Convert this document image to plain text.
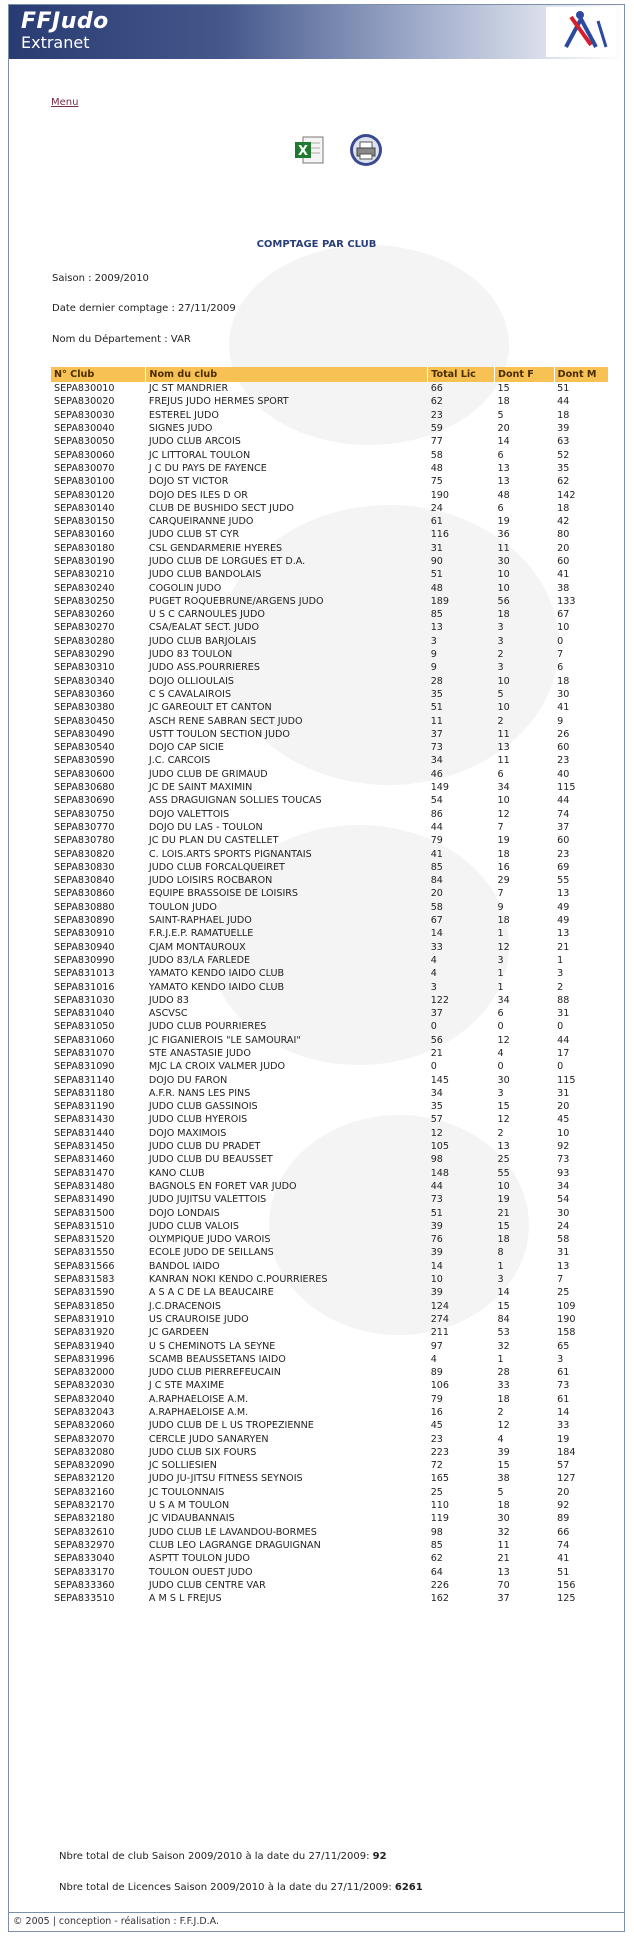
FFJudo
Extranet
Menu
X
COMPTAGE PAR CLUB
Saison : 2009/2010
Date dernier comptage : 27/11/2009
Nom du Département : VAR
N° Club	Nom du club	Total Lic	Dont F	Dont M
SEPA830010	JC ST MANDRIER	66	15	51
SEPA830020	FREJUS JUDO HERMES SPORT	62	18	44
SEPA830030	ESTEREL JUDO	23	5	18
SEPA830040	SIGNES JUDO	59	20	39
SEPA830050	JUDO CLUB ARCOIS	77	14	63
SEPA830060	JC LITTORAL TOULON	58	6	52
SEPA830070	J C DU PAYS DE FAYENCE	48	13	35
SEPA830100	DOJO ST VICTOR	75	13	62
SEPA830120	DOJO DES ILES D OR	190	48	142
SEPA830140	CLUB DE BUSHIDO SECT JUDO	24	6	18
SEPA830150	CARQUEIRANNE JUDO	61	19	42
SEPA830160	JUDO CLUB ST CYR	116	36	80
SEPA830180	CSL GENDARMERIE HYERES	31	11	20
SEPA830190	JUDO CLUB DE LORGUES ET D.A.	90	30	60
SEPA830210	JUDO CLUB BANDOLAIS	51	10	41
SEPA830240	COGOLIN JUDO	48	10	38
SEPA830250	PUGET ROQUEBRUNE/ARGENS JUDO	189	56	133
SEPA830260	U S C CARNOULES JUDO	85	18	67
SEPA830270	CSA/EALAT SECT. JUDO	13	3	10
SEPA830280	JUDO CLUB BARJOLAIS	3	3	0
SEPA830290	JUDO 83 TOULON	9	2	7
SEPA830310	JUDO ASS.POURRIERES	9	3	6
SEPA830340	DOJO OLLIOULAIS	28	10	18
SEPA830360	C S CAVALAIROIS	35	5	30
SEPA830380	JC GAREOULT ET CANTON	51	10	41
SEPA830450	ASCH RENE SABRAN SECT JUDO	11	2	9
SEPA830490	USTT TOULON SECTION JUDO	37	11	26
SEPA830540	DOJO CAP SICIE	73	13	60
SEPA830590	J.C. CARCOIS	34	11	23
SEPA830600	JUDO CLUB DE GRIMAUD	46	6	40
SEPA830680	JC DE SAINT MAXIMIN	149	34	115
SEPA830690	ASS DRAGUIGNAN SOLLIES TOUCAS	54	10	44
SEPA830750	DOJO VALETTOIS	86	12	74
SEPA830770	DOJO DU LAS - TOULON	44	7	37
SEPA830780	JC DU PLAN DU CASTELLET	79	19	60
SEPA830820	C. LOIS.ARTS SPORTS PIGNANTAIS	41	18	23
SEPA830830	JUDO CLUB FORCALQUEIRET	85	16	69
SEPA830840	JUDO LOISIRS ROCBARON	84	29	55
SEPA830860	EQUIPE BRASSOISE DE LOISIRS	20	7	13
SEPA830880	TOULON JUDO	58	9	49
SEPA830890	SAINT-RAPHAEL JUDO	67	18	49
SEPA830910	F.R.J.E.P. RAMATUELLE	14	1	13
SEPA830940	CJAM MONTAUROUX	33	12	21
SEPA830990	JUDO 83/LA FARLEDE	4	3	1
SEPA831013	YAMATO KENDO IAIDO CLUB	4	1	3
SEPA831016	YAMATO KENDO IAIDO CLUB	3	1	2
SEPA831030	JUDO 83	122	34	88
SEPA831040	ASCVSC	37	6	31
SEPA831050	JUDO CLUB POURRIERES	0	0	0
SEPA831060	JC FIGANIEROIS "LE SAMOURAI"	56	12	44
SEPA831070	STE ANASTASIE JUDO	21	4	17
SEPA831090	MJC LA CROIX VALMER JUDO	0	0	0
SEPA831140	DOJO DU FARON	145	30	115
SEPA831180	A.F.R. NANS LES PINS	34	3	31
SEPA831190	JUDO CLUB GASSINOIS	35	15	20
SEPA831430	JUDO CLUB HYEROIS	57	12	45
SEPA831440	DOJO MAXIMOIS	12	2	10
SEPA831450	JUDO CLUB DU PRADET	105	13	92
SEPA831460	JUDO CLUB DU BEAUSSET	98	25	73
SEPA831470	KANO CLUB	148	55	93
SEPA831480	BAGNOLS EN FORET VAR JUDO	44	10	34
SEPA831490	JUDO JUJITSU VALETTOIS	73	19	54
SEPA831500	DOJO LONDAIS	51	21	30
SEPA831510	JUDO CLUB VALOIS	39	15	24
SEPA831520	OLYMPIQUE JUDO VAROIS	76	18	58
SEPA831550	ECOLE JUDO DE SEILLANS	39	8	31
SEPA831566	BANDOL IAIDO	14	1	13
SEPA831583	KANRAN NOKI KENDO C.POURRIERES	10	3	7
SEPA831590	A S A C DE LA BEAUCAIRE	39	14	25
SEPA831850	J.C.DRACENOIS	124	15	109
SEPA831910	US CRAUROISE JUDO	274	84	190
SEPA831920	JC GARDEEN	211	53	158
SEPA831940	U S CHEMINOTS LA SEYNE	97	32	65
SEPA831996	SCAMB BEAUSSETANS IAIDO	4	1	3
SEPA832000	JUDO CLUB PIERREFEUCAIN	89	28	61
SEPA832030	J C STE MAXIME	106	33	73
SEPA832040	A.RAPHAELOISE A.M.	79	18	61
SEPA832043	A.RAPHAELOISE A.M.	16	2	14
SEPA832060	JUDO CLUB DE L US TROPEZIENNE	45	12	33
SEPA832070	CERCLE JUDO SANARYEN	23	4	19
SEPA832080	JUDO CLUB SIX FOURS	223	39	184
SEPA832090	JC SOLLIESIEN	72	15	57
SEPA832120	JUDO JU-JITSU FITNESS SEYNOIS	165	38	127
SEPA832160	JC TOULONNAIS	25	5	20
SEPA832170	U S A M TOULON	110	18	92
SEPA832180	JC VIDAUBANNAIS	119	30	89
SEPA832610	JUDO CLUB LE LAVANDOU-BORMES	98	32	66
SEPA832970	CLUB LEO LAGRANGE DRAGUIGNAN	85	11	74
SEPA833040	ASPTT TOULON JUDO	62	21	41
SEPA833170	TOULON OUEST JUDO	64	13	51
SEPA833360	JUDO CLUB CENTRE VAR	226	70	156
SEPA833510	A M S L FREJUS	162	37	125
Nbre total de club Saison 2009/2010 à la date du 27/11/2009: 92
Nbre total de Licences Saison 2009/2010 à la date du 27/11/2009: 6261
© 2005 | conception - réalisation : F.F.J.D.A.
